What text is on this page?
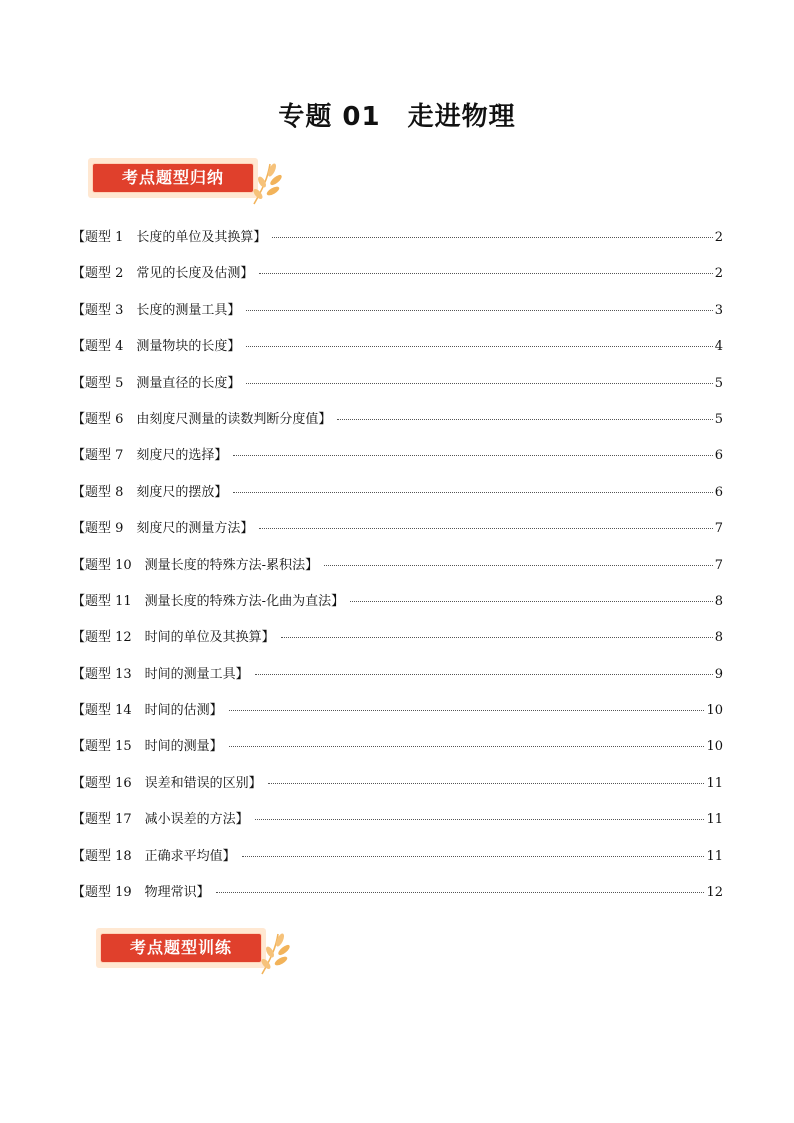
专题 01　走进物理
考点题型归纳
【题型 1　长度的单位及其换算】	2
【题型 2　常见的长度及估测】	2
【题型 3　长度的测量工具】	3
【题型 4　测量物块的长度】	4
【题型 5　测量直径的长度】	5
【题型 6　由刻度尺测量的读数判断分度值】	5
【题型 7　刻度尺的选择】	6
【题型 8　刻度尺的摆放】	6
【题型 9　刻度尺的测量方法】	7
【题型 10　测量长度的特殊方法-累积法】	7
【题型 11　测量长度的特殊方法-化曲为直法】	8
【题型 12　时间的单位及其换算】	8
【题型 13　时间的测量工具】	9
【题型 14　时间的估测】	10
【题型 15　时间的测量】	10
【题型 16　误差和错误的区别】	11
【题型 17　减小误差的方法】	11
【题型 18　正确求平均值】	11
【题型 19　物理常识】	12
考点题型训练
